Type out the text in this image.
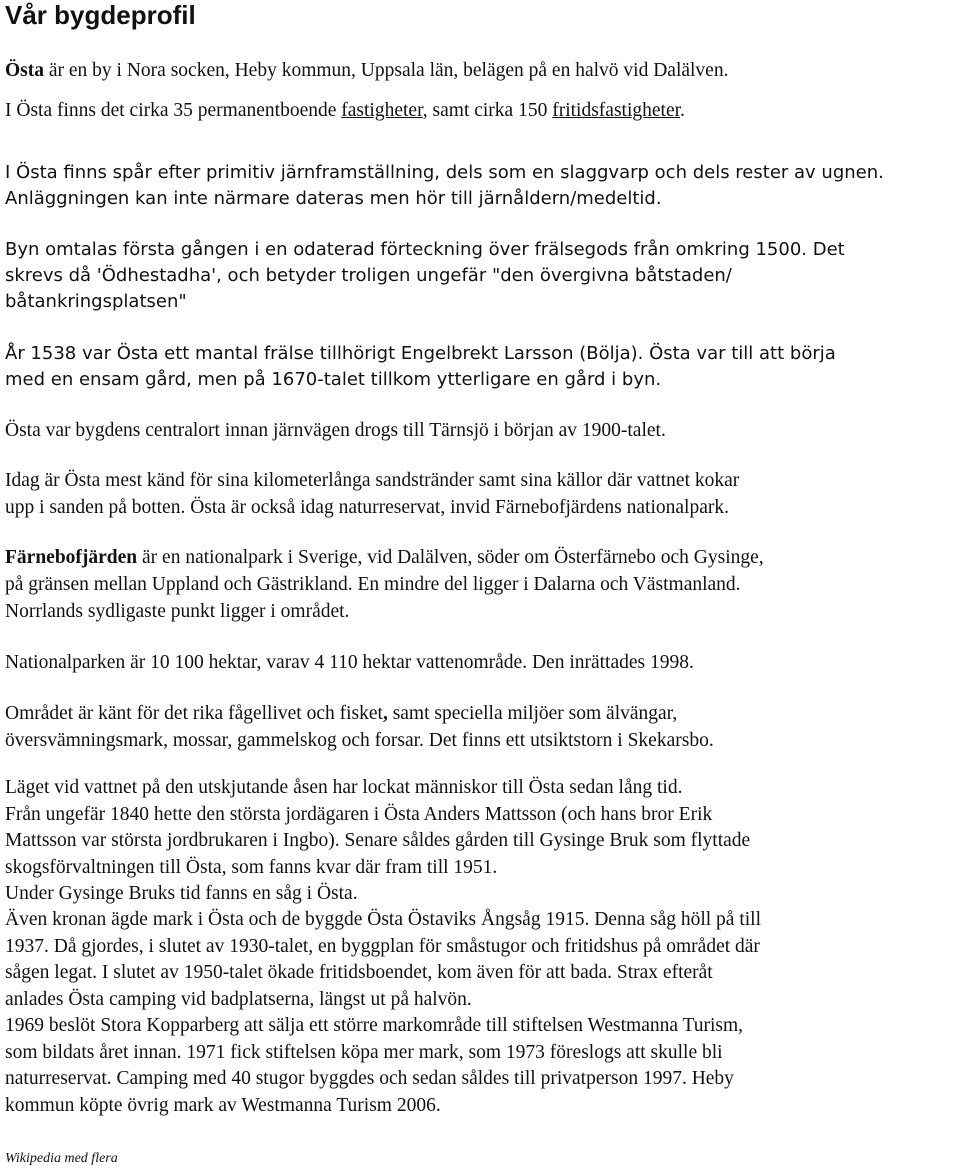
Vår bygdeprofil

Östa är en by i Nora socken, Heby kommun, Uppsala län, belägen på en halvö vid Dalälven.

I Östa finns det cirka 35 permanentboende fastigheter, samt cirka 150 fritidsfastigheter.

I Östa finns spår efter primitiv järnframställning, dels som en slaggvarp och dels rester av ugnen.

Anläggningen kan inte närmare dateras men hör till järnåldern/medeltid.

Byn omtalas första gången i en odaterad förteckning över frälsegods från omkring 1500. Det

skrevs då 'Ödhestadha', och betyder troligen ungefär "den övergivna båtstaden/

båtankringsplatsen"

År 1538 var Östa ett mantal frälse tillhörigt Engelbrekt Larsson (Bölja). Östa var till att börja

med en ensam gård, men på 1670-talet tillkom ytterligare en gård i byn.

Östa var bygdens centralort innan järnvägen drogs till Tärnsjö i början av 1900-talet.

Idag är Östa mest känd för sina kilometerlånga sandstränder samt sina källor där vattnet kokar

upp i sanden på botten. Östa är också idag naturreservat, invid Färnebofjärdens nationalpark.

Färnebofjärden är en nationalpark i Sverige, vid Dalälven, söder om Österfärnebo och Gysinge,

på gränsen mellan Uppland och Gästrikland. En mindre del ligger i Dalarna och Västmanland.

Norrlands sydligaste punkt ligger i området.

Nationalparken är 10 100 hektar, varav 4 110 hektar vattenområde. Den inrättades 1998.

Området är känt för det rika fågellivet och fisket, samt speciella miljöer som älvängar,

översvämningsmark, mossar, gammelskog och forsar. Det finns ett utsiktstorn i Skekarsbo.

Läget vid vattnet på den utskjutande åsen har lockat människor till Östa sedan lång tid.

Från ungefär 1840 hette den största jordägaren i Östa Anders Mattsson (och hans bror Erik

Mattsson var största jordbrukaren i Ingbo). Senare såldes gården till Gysinge Bruk som flyttade

skogsförvaltningen till Östa, som fanns kvar där fram till 1951.

Under Gysinge Bruks tid fanns en såg i Östa.

Även kronan ägde mark i Östa och de byggde Östa Östaviks Ångsåg 1915. Denna såg höll på till

1937. Då gjordes, i slutet av 1930-talet, en byggplan för småstugor och fritidshus på området där

sågen legat. I slutet av 1950-talet ökade fritidsboendet, kom även för att bada. Strax efteråt

anlades Östa camping vid badplatserna, längst ut på halvön.

1969 beslöt Stora Kopparberg att sälja ett större markområde till stiftelsen Westmanna Turism,

som bildats året innan. 1971 fick stiftelsen köpa mer mark, som 1973 föreslogs att skulle bli

naturreservat. Camping med 40 stugor byggdes och sedan såldes till privatperson 1997. Heby

kommun köpte övrig mark av Westmanna Turism 2006.

Wikipedia med flera
